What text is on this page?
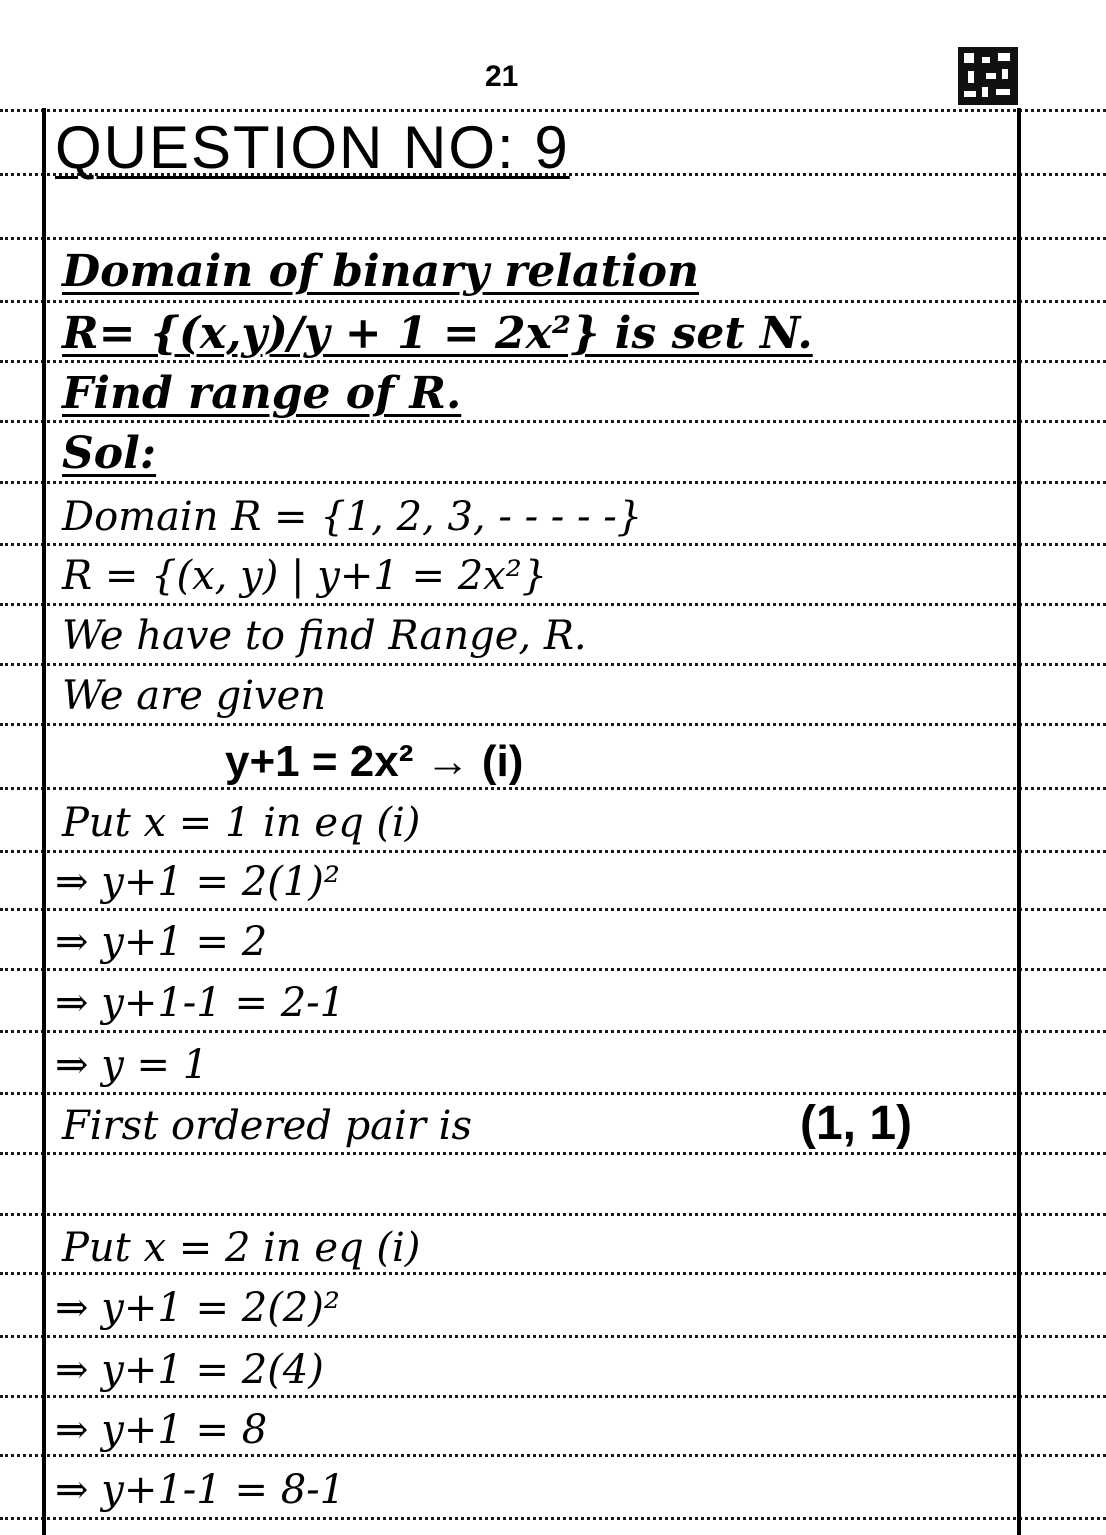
21
QUESTION NO: 9
Domain of binary relation
R= {(x,y)/y + 1 = 2x²} is set N.
Find range of R.
Sol:
Domain R = {1, 2, 3, - - - - -}
R = {(x, y) | y+1 = 2x²}
We have to find Range, R.
We are given
y+1 = 2x² → (i)
Put x = 1 in eq (i)
⇒ y+1 = 2(1)²
⇒ y+1 = 2
⇒ y+1-1 = 2-1
⇒ y = 1
First ordered pair is	(1, 1)
Put x = 2 in eq (i)
⇒ y+1 = 2(2)²
⇒ y+1 = 2(4)
⇒ y+1 = 8
⇒ y+1-1 = 8-1
